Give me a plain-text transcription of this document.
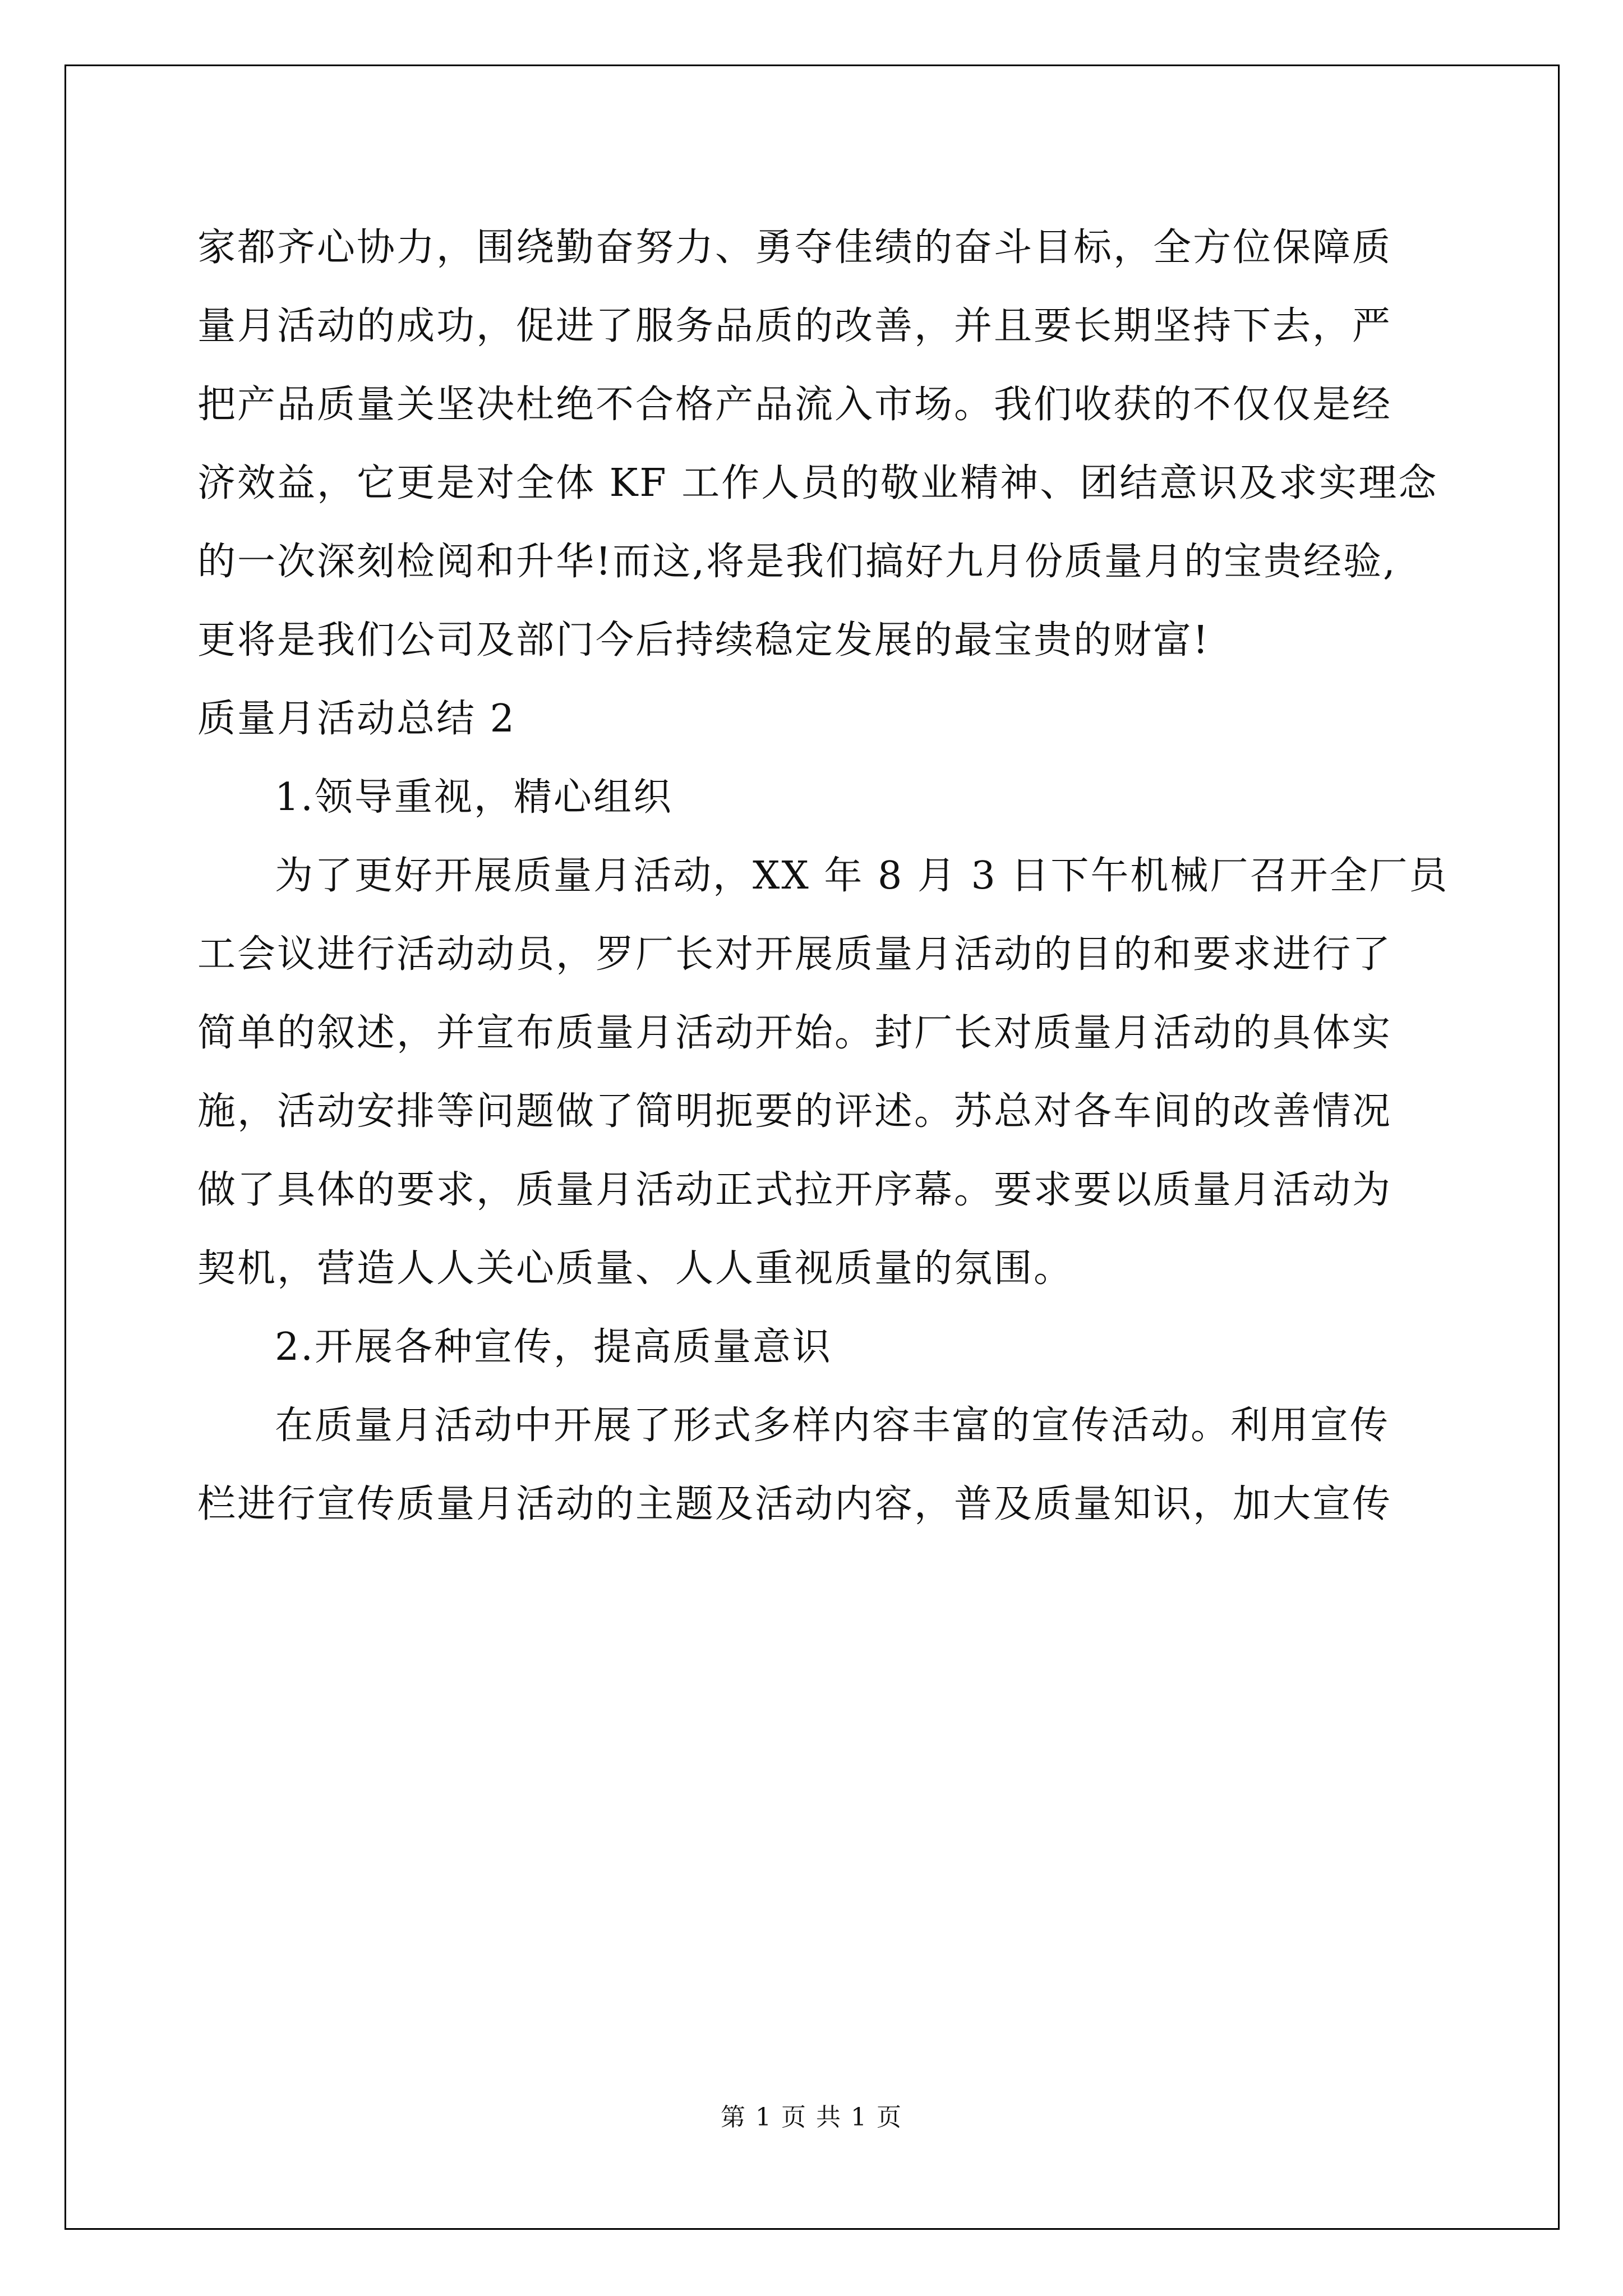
家都齐心协力，围绕勤奋努力、勇夺佳绩的奋斗目标，全方位保障质
量月活动的成功，促进了服务品质的改善，并且要长期坚持下去，严
把产品质量关坚决杜绝不合格产品流入市场。我们收获的不仅仅是经
济效益，它更是对全体 KF 工作人员的敬业精神、团结意识及求实理念
的一次深刻检阅和升华!而这,将是我们搞好九月份质量月的宝贵经验,
更将是我们公司及部门今后持续稳定发展的最宝贵的财富!
质量月活动总结 2
1.领导重视，精心组织
为了更好开展质量月活动，XX 年 8 月 3 日下午机械厂召开全厂员
工会议进行活动动员，罗厂长对开展质量月活动的目的和要求进行了
简单的叙述，并宣布质量月活动开始。封厂长对质量月活动的具体实
施，活动安排等问题做了简明扼要的评述。苏总对各车间的改善情况
做了具体的要求，质量月活动正式拉开序幕。要求要以质量月活动为
契机，营造人人关心质量、人人重视质量的氛围。
2.开展各种宣传，提高质量意识
在质量月活动中开展了形式多样内容丰富的宣传活动。利用宣传
栏进行宣传质量月活动的主题及活动内容，普及质量知识，加大宣传
第 1 页 共 1 页
